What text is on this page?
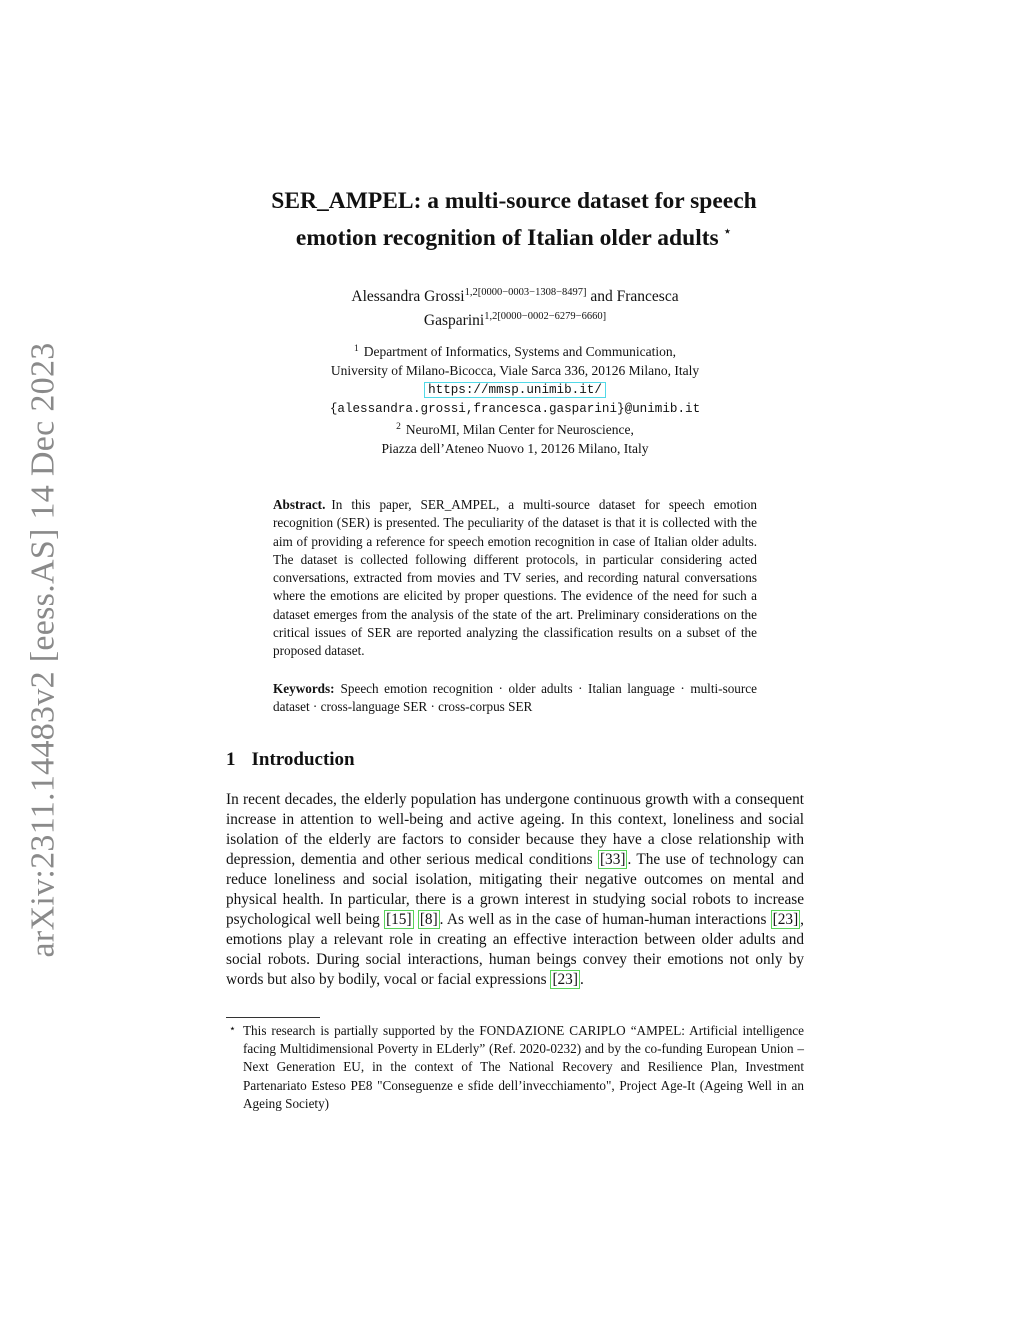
arXiv:2311.14483v2 [eess.AS] 14 Dec 2023
SER_AMPEL: a multi-source dataset for speech
emotion recognition of Italian older adults ⋆
Alessandra Grossi$^{1,2[0000-0003-1308-8497]}$ and Francesca
Gasparini$^{1,2[0000-0002-6279-6660]}$
$^1$ Department of Informatics, Systems and Communication,
University of Milano-Bicocca, Viale Sarca 336, 20126 Milano, Italy
https://mmsp.unimib.it/
{alessandra.grossi,francesca.gasparini}@unimib.it
$^2$ NeuroMI, Milan Center for Neuroscience,
Piazza dell’Ateneo Nuovo 1, 20126 Milano, Italy
Abstract. In this paper, SER_AMPEL, a multi-source dataset for speech emotion recognition (SER) is presented. The peculiarity of the dataset is that it is collected with the aim of providing a reference for speech emotion recognition in case of Italian older adults. The dataset is collected following different protocols, in particular considering acted conversations, extracted from movies and TV series, and recording natural conversations where the emotions are elicited by proper questions. The evidence of the need for such a dataset emerges from the analysis of the state of the art. Preliminary considerations on the critical issues of SER are reported analyzing the classification results on a subset of the proposed dataset.
Keywords: Speech emotion recognition · older adults · Italian language · multi-source dataset · cross-language SER · cross-corpus SER
1 Introduction
In recent decades, the elderly population has undergone continuous growth with a consequent increase in attention to well-being and active ageing. In this context, loneliness and social isolation of the elderly are factors to consider because they have a close relationship with depression, dementia and other serious medical conditions [33] . The use of technology can reduce loneliness and social isolation, mitigating their negative outcomes on mental and physical health. In particular, there is a grown interest in studying social robots to increase psychological well being [15] [8] . As well as in the case of human-human interactions [23] , emotions play a relevant role in creating an effective interaction between older adults and social robots. During social interactions, human beings convey their emotions not only by words but also by bodily, vocal or facial expressions [23] .
⋆ This research is partially supported by the FONDAZIONE CARIPLO “AMPEL: Artificial intelligence facing Multidimensional Poverty in ELderly” (Ref. 2020-0232) and by the co-funding European Union – Next Generation EU, in the context of The National Recovery and Resilience Plan, Investment Partenariato Esteso PE8 "Conseguenze e sfide dell’invecchiamento", Project Age-It (Ageing Well in an Ageing Society)
